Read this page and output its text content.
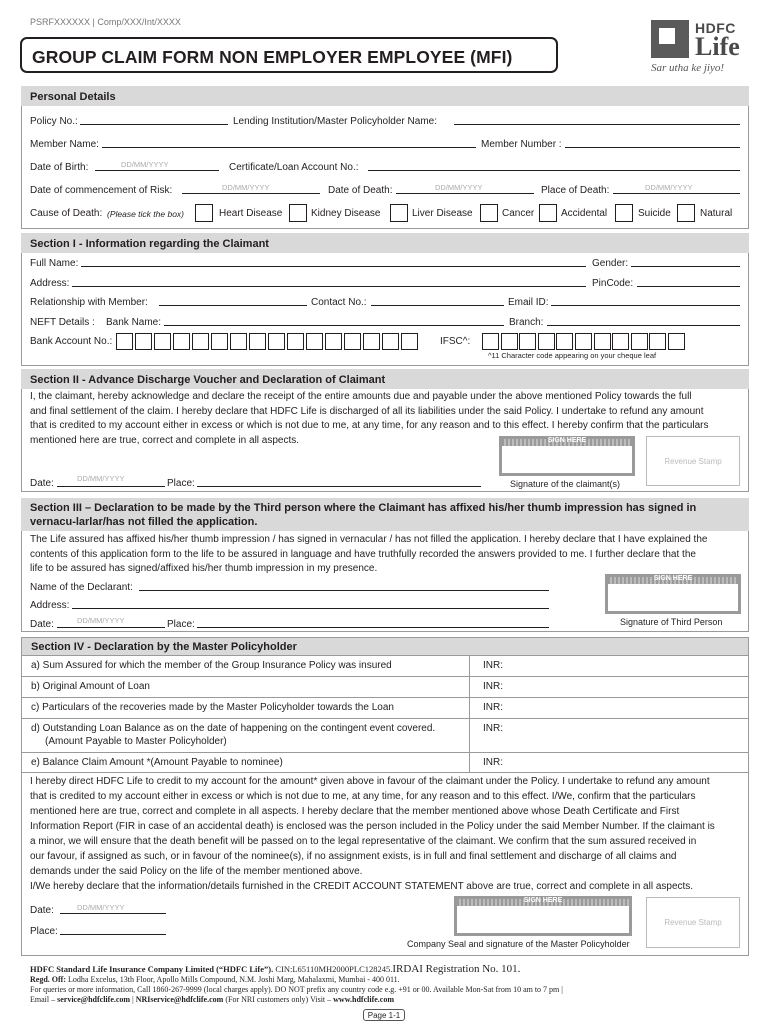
PSRFXXXXXX | Comp/XXX/Int/XXXX
GROUP CLAIM FORM NON EMPLOYER EMPLOYEE (MFI)
HDFC
Life
Sar utha ke jiyo!
Personal Details
Policy No.:	Lending Institution/Master Policyholder Name:
Member Name:	Member Number :
Date of Birth:	DD/MM/YYYY	Certificate/Loan Account No.:
Date of commencement of Risk:	DD/MM/YYYY	Date of Death:	DD/MM/YYYY	Place of Death:	DD/MM/YYYY
Cause of Death: (Please tick the box)	Heart Disease	Kidney Disease	Liver Disease	Cancer	Accidental	Suicide	Natural
Section I - Information regarding the Claimant
Full Name:	Gender:
Address:	PinCode:
Relationship with Member:	Contact No.:	Email ID:
NEFT Details : Bank Name:	Branch:
Bank Account No.:	IFSC^:
^11 Character code appearing on your cheque leaf
Section II - Advance Discharge Voucher and Declaration of Claimant
I, the claimant, hereby acknowledge and declare the receipt of the entire amounts due and payable under the above mentioned Policy towards the full
and final settlement of the claim. I hereby declare that HDFC Life is discharged of all its liabilities under the said Policy. I undertake to refund any amount
that is credited to my account either in excess or which is not due to me, at any time, for any reason and to this effect. I hereby confirm that the particulars
mentioned here are true, correct and complete in all aspects.	SIGN HERE
Signature of the claimant(s)
Revenue Stamp
Date:	DD/MM/YYYY	Place:
Section III – Declaration to be made by the Third person where the Claimant has affixed his/her thumb impression has signed in
vernacu-larlar/has not filled the application.
The Life assured has affixed his/her thumb impression / has signed in vernacular / has not filled the application. I hereby declare that I have explained the
contents of this application form to the life to be assured in language and have truthfully recorded the answers provided to me. I further declare that the
life to be assured has signed/affixed his/her thumb impression in my presence.
Name of the Declarant:
Address:
Date:	DD/MM/YYYY	Place:
SIGN HERE
Signature of Third Person
Section IV - Declaration by the Master Policyholder
a) Sum Assured for which the member of the Group Insurance Policy was insured	INR:
b) Original Amount of Loan	INR:
c) Particulars of the recoveries made by the Master Policyholder towards the Loan	INR:

d) Outstanding Loan Balance as on the date of happening on the contingent event covered.
(Amount Payable to Master Policyholder)	INR:
e) Balance Claim Amount *(Amount Payable to nominee)	INR:
I hereby direct HDFC Life to credit to my account for the amount* given above in favour of the claimant under the Policy. I undertake to refund any amount
that is credited to my account either in excess or which is not due to me, at any time, for any reason and to this effect. I/We, confirm that the particulars
mentioned here are true, correct and complete in all aspects. I hereby declare that the member mentioned above whose Death Certificate and First
Information Report (FIR in case of an accidental death) is enclosed was the person included in the Policy under the said Member Number. If the claimant is
a minor, we will ensure that the death benefit will be passed on to the legal representative of the claimant. We confirm that the sum assured received in
our favour, if assigned as such, or in favour of the nominee(s), if no assignment exists, is in full and final settlement and discharge of all claims and
demands under the said Policy on the life of the member mentioned above.
I/We hereby declare that the information/details furnished in the CREDIT ACCOUNT STATEMENT above are true, correct and complete in all aspects.
Date:	DD/MM/YYYY
Place:
SIGN HERE
Company Seal and signature of the Master Policyholder
Revenue Stamp
HDFC Standard Life Insurance Company Limited (“HDFC Life”). CIN:L65110MH2000PLC128245.IRDAI Registration No. 101.
Regd. Off: Lodha Excelus, 13th Floor, Apollo Mills Compound, N.M. Joshi Marg, Mahalaxmi, Mumbai - 400 011.
For queries or more information, Call 1860-267-9999 (local charges apply). DO NOT prefix any country code e.g. +91 or 00. Available Mon-Sat from 10 am to 7 pm |
Email – service@hdfclife.com | NRIservice@hdfclife.com (For NRI customers only) Visit – www.hdfclife.com
Page 1-1
